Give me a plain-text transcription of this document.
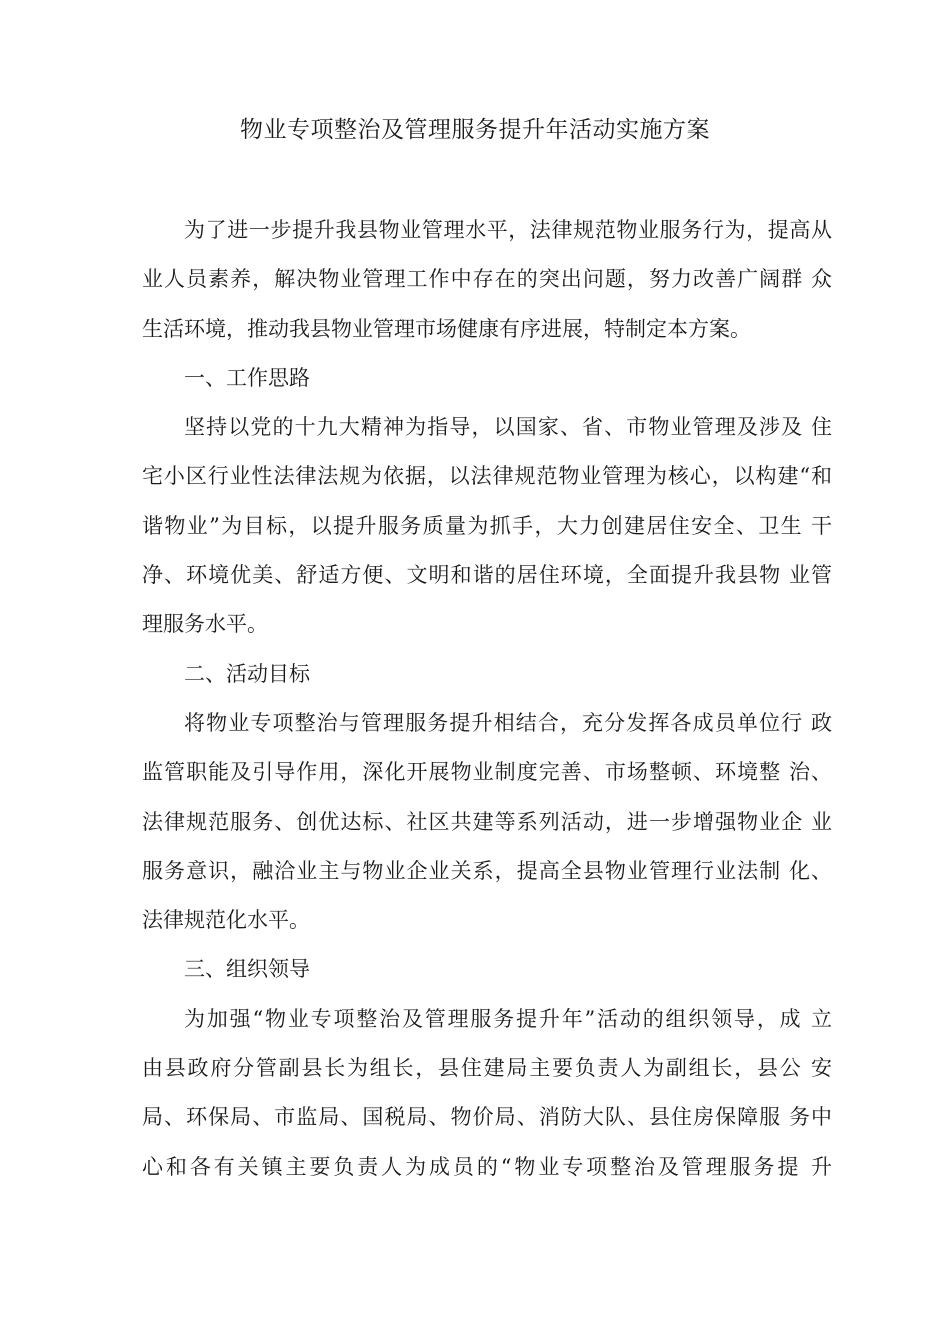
物业专项整治及管理服务提升年活动实施方案
为了进一步提升我县物业管理水平，法律规范物业服务行为，提高从
业人员素养，解决物业管理工作中存在的突出问题，努力改善广阔群 众
生活环境，推动我县物业管理市场健康有序进展，特制定本方案。
一、工作思路
坚持以党的十九大精神为指导，以国家、省、市物业管理及涉及 住
宅小区行业性法律法规为依据，以法律规范物业管理为核心，以构建“和
谐物业”为目标，以提升服务质量为抓手，大力创建居住安全、卫生 干
净、环境优美、舒适方便、文明和谐的居住环境，全面提升我县物 业管
理服务水平。
二、活动目标
将物业专项整治与管理服务提升相结合，充分发挥各成员单位行 政
监管职能及引导作用，深化开展物业制度完善、市场整顿、环境整 治、
法律规范服务、创优达标、社区共建等系列活动，进一步增强物业企 业
服务意识，融洽业主与物业企业关系，提高全县物业管理行业法制 化、
法律规范化水平。
三、组织领导
为加强“物业专项整治及管理服务提升年”活动的组织领导，成 立
由县政府分管副县长为组长，县住建局主要负责人为副组长，县公 安
局、环保局、市监局、国税局、物价局、消防大队、县住房保障服 务中
心和各有关镇主要负责人为成员的“物业专项整治及管理服务提 升
